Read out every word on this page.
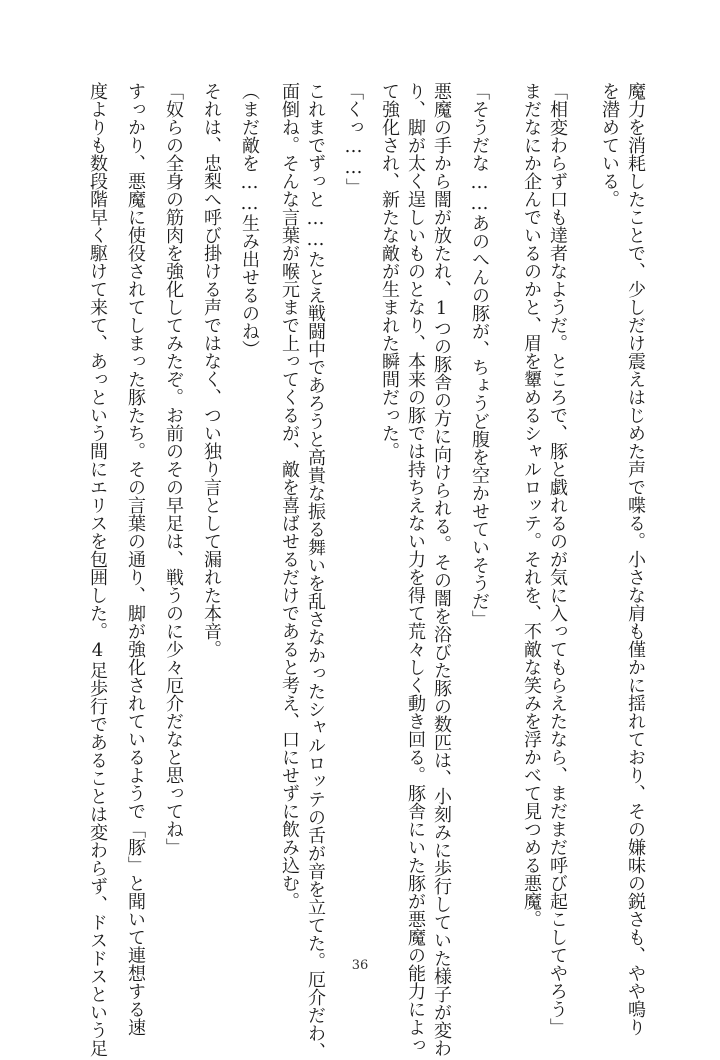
魔力を消耗したことで、少しだけ震えはじめた声で喋る。小さな肩も僅かに揺れており、その嫌味の鋭さも、やや鳴り
を潜めている。
「相変わらず口も達者なようだ。ところで、豚と戯れるのが気に入ってもらえたなら、まだまだ呼び起こしてやろう」
まだなにか企んでいるのかと、眉を顰めるシャルロッテ。それを、不敵な笑みを浮かべて見つめる悪魔。
「そうだな……あのへんの豚が、ちょうど腹を空かせていそうだ」
悪魔の手から闇が放たれ、1つの豚舎の方に向けられる。その闇を浴びた豚の数匹は、小刻みに歩行していた様子が変わ
り、脚が太く逞しいものとなり、本来の豚では持ちえない力を得て荒々しく動き回る。豚舎にいた豚が悪魔の能力によっ
て強化され、新たな敵が生まれた瞬間だった。
「くっ……」
これまでずっと……たとえ戦闘中であろうと高貴な振る舞いを乱さなかったシャルロッテの舌が音を立てた。厄介だわ、
面倒ね。そんな言葉が喉元まで上ってくるが、敵を喜ばせるだけであると考え、口にせずに飲み込む。
（まだ敵を……生み出せるのね）
それは、忠梨へ呼び掛ける声ではなく、つい独り言として漏れた本音。
「奴らの全身の筋肉を強化してみたぞ。お前のその早足は、戦うのに少々厄介だなと思ってね」
すっかり、悪魔に使役されてしまった豚たち。その言葉の通り、脚が強化されているようで「豚」と聞いて連想する速
度よりも数段階早く駆けて来て、あっという間にエリスを包囲した。4足歩行であることは変わらず、ドスドスという足	36
